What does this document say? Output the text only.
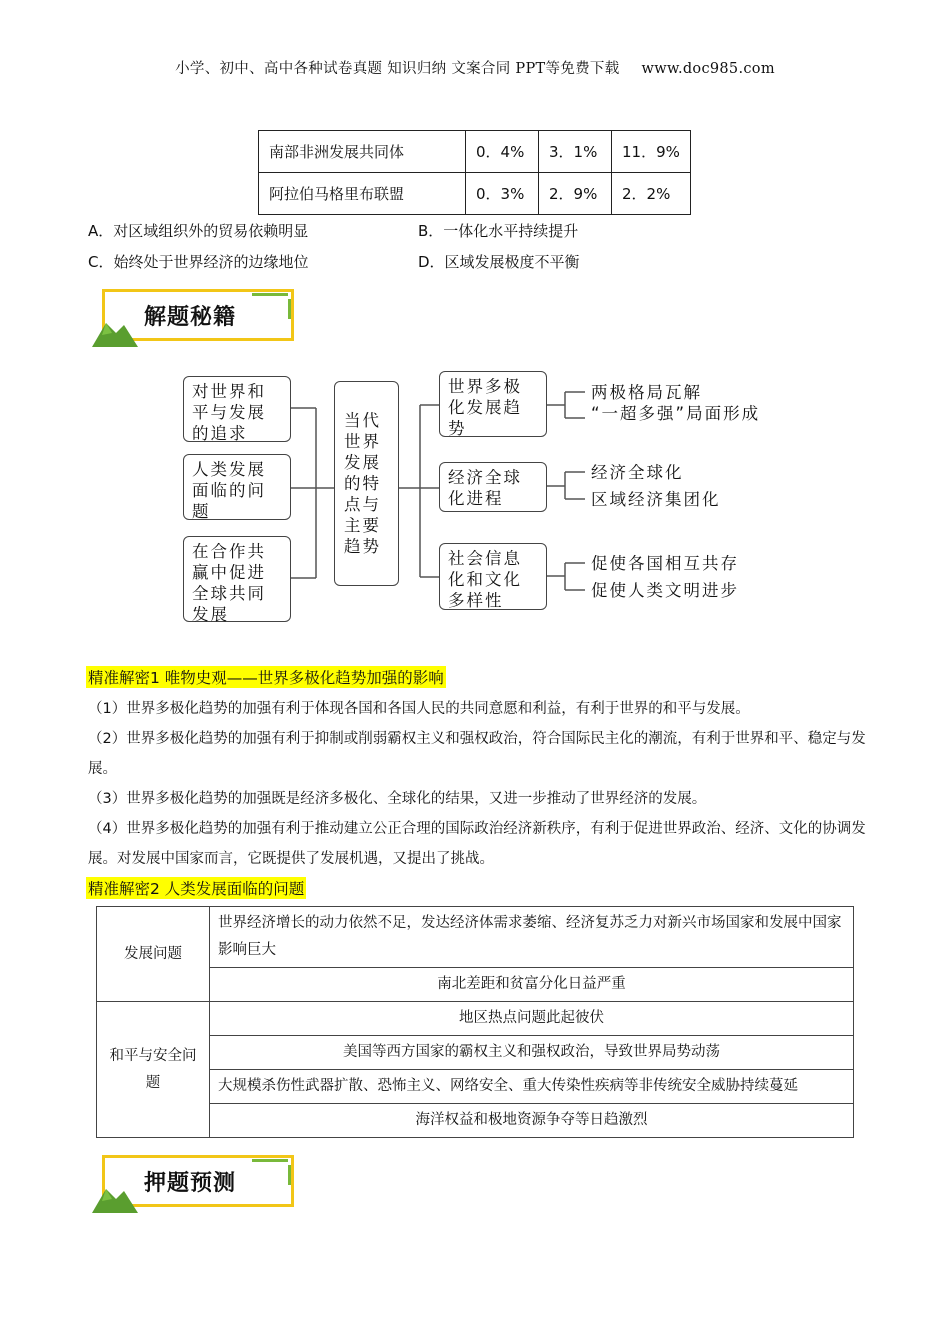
小学、初中、高中各种试卷真题 知识归纳 文案合同 PPT等免费下载 www.doc985.com
南部非洲发展共同体	0．4%	3．1%	11．9%
阿拉伯马格里布联盟	0．3%	2．9%	2．2%
A．对区域组织外的贸易依赖明显	B．一体化水平持续提升
C．始终处于世界经济的边缘地位	D．区域发展极度不平衡
解题秘籍
对世界和平与发展的追求
人类发展面临的问题
在合作共赢中促进全球共同发展
当代世界发展的特点与主要趋势
世界多极化发展趋势
经济全球化进程
社会信息化和文化多样性
两极格局瓦解
“一超多强”局面形成
经济全球化
区域经济集团化
促使各国相互共存
促使人类文明进步
精准解密1 唯物史观——世界多极化趋势加强的影响
（1）世界多极化趋势的加强有利于体现各国和各国人民的共同意愿和利益，有利于世界的和平与发展。
（2）世界多极化趋势的加强有利于抑制或削弱霸权主义和强权政治，符合国际民主化的潮流，有利于世界和平、稳定与发展。
（3）世界多极化趋势的加强既是经济多极化、全球化的结果，又进一步推动了世界经济的发展。
（4）世界多极化趋势的加强有利于推动建立公正合理的国际政治经济新秩序，有利于促进世界政治、经济、文化的协调发展。对发展中国家而言，它既提供了发展机遇，又提出了挑战。
精准解密2 人类发展面临的问题
发展问题	世界经济增长的动力依然不足，发达经济体需求萎缩、经济复苏乏力对新兴市场国家和发展中国家影响巨大
	南北差距和贫富分化日益严重
和平与安全问题	地区热点问题此起彼伏
	美国等西方国家的霸权主义和强权政治，导致世界局势动荡
	大规模杀伤性武器扩散、恐怖主义、网络安全、重大传染性疾病等非传统安全威胁持续蔓延
	海洋权益和极地资源争夺等日趋激烈
押题预测
